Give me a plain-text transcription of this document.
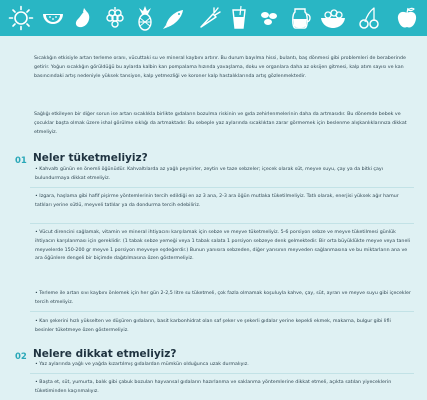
Sıcaklığın etkisiyle artan terleme oranı, vücuttaki su ve mineral kaybını artırır. Bu durum bayılma hissi, bulantı, baş dönmesi gibi problemleri de beraberinde getirir. Yoğun sıcaklığın görüldüğü bu aylarda kalbin kan pompalama hızında yavaşlama, doku ve organlara daha az oksijen gitmesi, kalp atım sayısı ve kan basıncındaki artış nedeniyle yüksek tansiyon, kalp yetmezliği ve koroner kalp hastalıklarında artış gözlenmektedir.

Sağlığı etkileyen bir diğer sorun ise artan sıcaklıkla birlikte gıdaların bozulma riskinin ve gıda zehirlenmelerinin daha da artmasıdır. Bu dönemde bebek ve çocuklar başta olmak üzere ishal görülme sıklığı da artmaktadır. Bu sebeple yaz aylarında sıcaklıktan zarar görmemek için beslenme alışkanlıklarınıza dikkat etmeliyiz.

01 Neler tüketmeliyiz?

• Kahvaltı günün en önemli öğünüdür. Kahvaltılarda az yağlı peynirler, zeytin ve taze sebzeler; içecek olarak süt, meyve suyu, çay ya da bitki çayı bulundurmaya dikkat etmeliyiz.

• Izgara, haşlama gibi hafif pişirme yöntemlerinin tercih edildiği en az 3 ana, 2-3 ara öğün mutlaka tüketilmeliyiz. Tatlı olarak, enerjisi yüksek ağır hamur tatlıları yerine sütlü, meyveli tatlılar ya da dondurma tercih edebiliriz.

• Vücut direncini sağlamak, vitamin ve mineral ihtiyacını karşılamak için sebze ve meyve tüketmeliyiz. 5-6 porsiyon sebze ve meyve tüketilmesi günlük ihtiyacın karşılanması için gereklidir. (1 tabak sebze yemeği veya 1 tabak salata 1 porsiyon sebzeye denk gelmektedir. Bir orta büyüklükte meyve veya taneli meyvelerde 150-200 gr meyve 1 porsiyon meyveye eşdeğerdir.) Bunun yanısıra sebzeden, diğer yarısının meyveden sağlanmasına ve bu miktarların ana ve ara öğünlere dengeli bir biçimde dağıtılmasına özen göstermeliyiz.

• Terleme ile artan sıvı kaybını önlemek için her gün 2-2,5 litre su tüketmeli, çok fazla olmamak koşuluyla kahve, çay, süt, ayran ve meyve suyu gibi içecekler tercih etmeliyiz.

• Kan şekerini hızlı yükselten ve düşüren gıdaların, basit karbonhidrat olan saf şeker ve şekerli gıdalar yerine kepekli ekmek, makarna, bulgur gibi lifli besinler tüketmeye özen göstermeliyiz.

02 Nelere dikkat etmeliyiz?

• Yaz aylarında yağlı ve yağda kızartılmış gıdalardan mümkün olduğunca uzak durmalıyız.

• Başta et, süt, yumurta, balık gibi çabuk bozulan hayvansal gıdaların hazırlanma ve saklanma yöntemlerine dikkat etmeli, açıkta satılan yiyeceklerin tüketiminden kaçınmalıyız.
